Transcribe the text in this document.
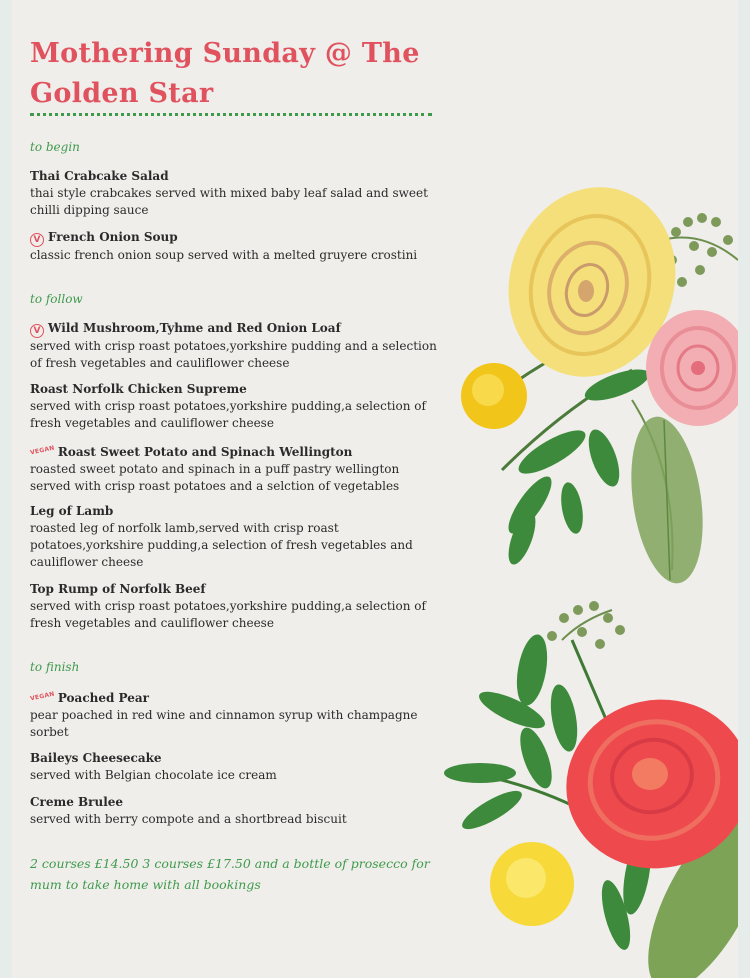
Mothering Sunday @ The Golden Star
to begin
Thai Crabcake Salad
thai style crabcakes served with mixed baby leaf salad and sweet chilli dipping sauce
V French Onion Soup
classic french onion soup served with a melted gruyere crostini
to follow
V Wild Mushroom,Tyhme and Red Onion Loaf
served with crisp roast potatoes,yorkshire pudding and a selection of fresh vegetables and cauliflower cheese
Roast Norfolk Chicken Supreme
served with crisp roast potatoes,yorkshire pudding,a selection of fresh vegetables and cauliflower cheese
VEGAN Roast Sweet Potato and Spinach Wellington
roasted sweet potato and spinach in a puff pastry wellington served with crisp roast potatoes and a selction of vegetables
Leg of Lamb
roasted leg of norfolk lamb,served with crisp roast potatoes,yorkshire pudding,a selection of fresh vegetables and cauliflower cheese
Top Rump of Norfolk Beef
served with crisp roast potatoes,yorkshire pudding,a selection of fresh vegetables and cauliflower cheese
to finish
VEGAN Poached Pear
pear poached in red wine and cinnamon syrup with champagne sorbet
Baileys Cheesecake
served with Belgian chocolate ice cream
Creme Brulee
served with berry compote and a shortbread biscuit
2 courses £14.50 3 courses £17.50 and a bottle of prosecco for mum to take home with all bookings
